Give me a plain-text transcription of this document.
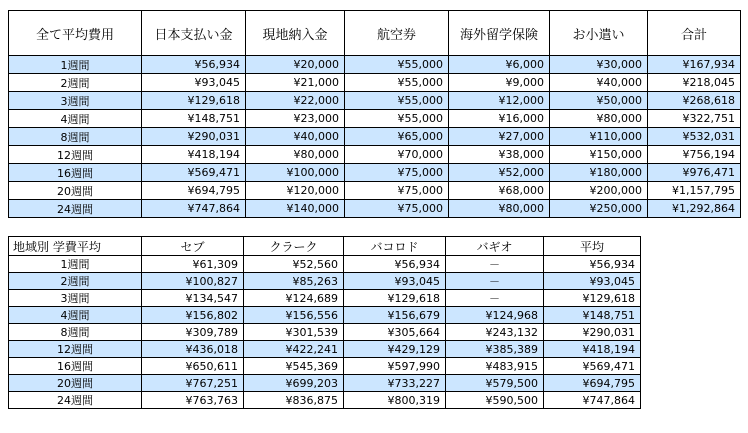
全て平均費用	日本支払い金	現地納入金	航空券	海外留学保険	お小遣い	合計
1週間	¥56,934	¥20,000	¥55,000	¥6,000	¥30,000	¥167,934
2週間	¥93,045	¥21,000	¥55,000	¥9,000	¥40,000	¥218,045
3週間	¥129,618	¥22,000	¥55,000	¥12,000	¥50,000	¥268,618
4週間	¥148,751	¥23,000	¥55,000	¥16,000	¥80,000	¥322,751
8週間	¥290,031	¥40,000	¥65,000	¥27,000	¥110,000	¥532,031
12週間	¥418,194	¥80,000	¥70,000	¥38,000	¥150,000	¥756,194
16週間	¥569,471	¥100,000	¥75,000	¥52,000	¥180,000	¥976,471
20週間	¥694,795	¥120,000	¥75,000	¥68,000	¥200,000	¥1,157,795
24週間	¥747,864	¥140,000	¥75,000	¥80,000	¥250,000	¥1,292,864
地域別 学費平均	セブ	クラーク	バコロド	バギオ	平均
1週間	¥61,309	¥52,560	¥56,934	－	¥56,934
2週間	¥100,827	¥85,263	¥93,045	－	¥93,045
3週間	¥134,547	¥124,689	¥129,618	－	¥129,618
4週間	¥156,802	¥156,556	¥156,679	¥124,968	¥148,751
8週間	¥309,789	¥301,539	¥305,664	¥243,132	¥290,031
12週間	¥436,018	¥422,241	¥429,129	¥385,389	¥418,194
16週間	¥650,611	¥545,369	¥597,990	¥483,915	¥569,471
20週間	¥767,251	¥699,203	¥733,227	¥579,500	¥694,795
24週間	¥763,763	¥836,875	¥800,319	¥590,500	¥747,864
